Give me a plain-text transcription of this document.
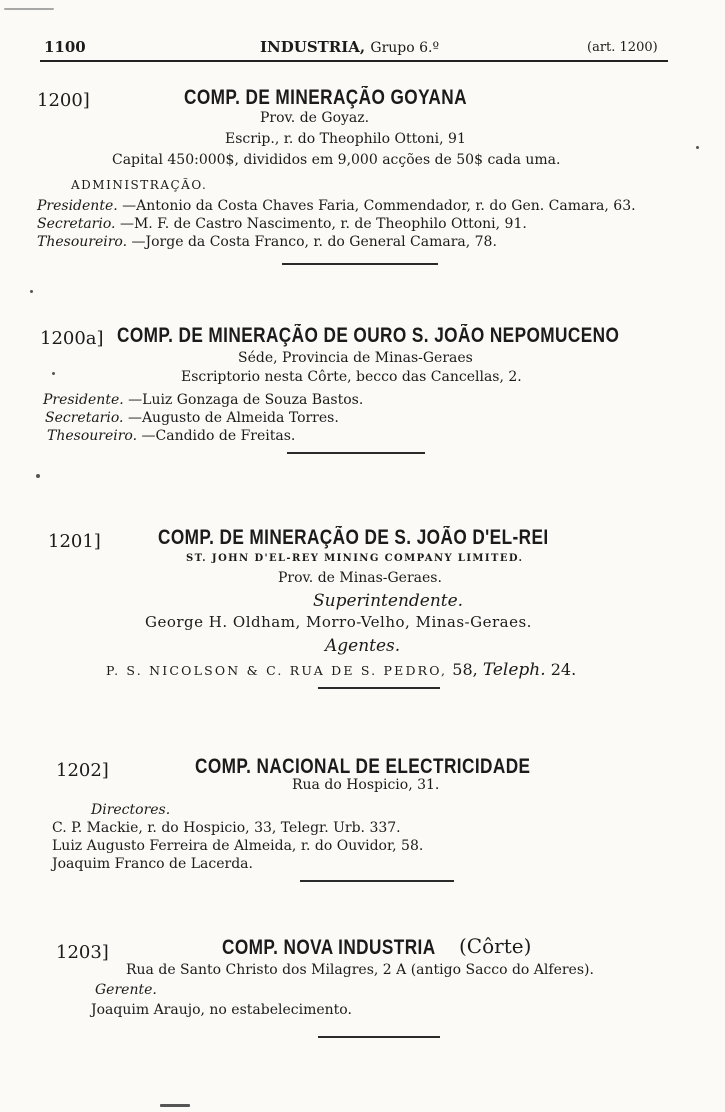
1100	INDUSTRIA, Grupo 6.º	(art. 1200)
1200]	COMP. DE MINERAÇÃO GOYANA
Prov. de Goyaz.
Escrip., r. do Theophilo Ottoni, 91
Capital 450:000$, divididos em 9,000 acções de 50$ cada uma.
ADMINISTRAÇÃO.
Presidente. —Antonio da Costa Chaves Faria, Commendador, r. do Gen. Camara, 63.
Secretario. —M. F. de Castro Nascimento, r. de Theophilo Ottoni, 91.
Thesoureiro. —Jorge da Costa Franco, r. do General Camara, 78.
1200a] COMP. DE MINERAÇÃO DE OURO S. JOÃO NEPOMUCENO
Séde, Provincia de Minas-Geraes
Escriptorio nesta Côrte, becco das Cancellas, 2.
Presidente. —Luiz Gonzaga de Souza Bastos.
Secretario. —Augusto de Almeida Torres.
Thesoureiro. —Candido de Freitas.
1201]	COMP. DE MINERAÇÃO DE S. JOÃO D'EL-REI
ST. JOHN D'EL-REY MINING COMPANY LIMITED.
Prov. de Minas-Geraes.
Superintendente.
George H. Oldham, Morro-Velho, Minas-Geraes.
Agentes.
P. S. NICOLSON & C. RUA DE S. PEDRO, 58, Teleph. 24.
1202]	COMP. NACIONAL DE ELECTRICIDADE
Rua do Hospicio, 31.
Directores.
C. P. Mackie, r. do Hospicio, 33, Telegr. Urb. 337.
Luiz Augusto Ferreira de Almeida, r. do Ouvidor, 58.
Joaquim Franco de Lacerda.
1203]	COMP. NOVA INDUSTRIA	(Côrte)
Rua de Santo Christo dos Milagres, 2 A (antigo Sacco do Alferes).
Gerente.
Joaquim Araujo, no estabelecimento.
